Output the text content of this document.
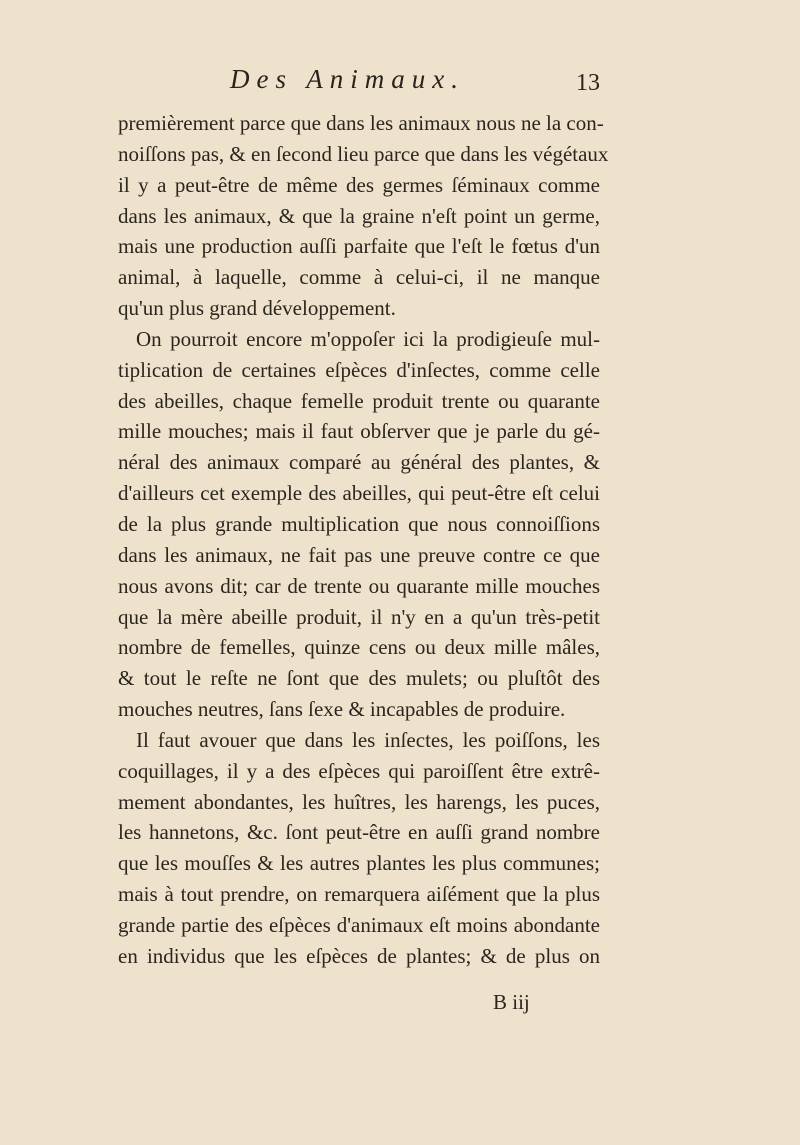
Des Animaux.	13
premièrement parce que dans les animaux nous ne la con-
noiſſons pas, & en ſecond lieu parce que dans les végétaux
il y a peut-être de même des germes ſéminaux comme
dans les animaux, & que la graine n'eſt point un germe,
mais une production auſſi parfaite que l'eſt le fœtus d'un
animal, à laquelle, comme à celui-ci, il ne manque
qu'un plus grand développement.
On pourroit encore m'oppoſer ici la prodigieuſe mul-
tiplication de certaines eſpèces d'inſectes, comme celle
des abeilles, chaque femelle produit trente ou quarante
mille mouches; mais il faut obſerver que je parle du gé-
néral des animaux comparé au général des plantes, &
d'ailleurs cet exemple des abeilles, qui peut-être eſt celui
de la plus grande multiplication que nous connoiſſions
dans les animaux, ne fait pas une preuve contre ce que
nous avons dit; car de trente ou quarante mille mouches
que la mère abeille produit, il n'y en a qu'un très-petit
nombre de femelles, quinze cens ou deux mille mâles,
& tout le reſte ne ſont que des mulets; ou pluſtôt des
mouches neutres, ſans ſexe & incapables de produire.
Il faut avouer que dans les inſectes, les poiſſons, les
coquillages, il y a des eſpèces qui paroiſſent être extrê-
mement abondantes, les huîtres, les harengs, les puces,
les hannetons, &c. ſont peut-être en auſſi grand nombre
que les mouſſes & les autres plantes les plus communes;
mais à tout prendre, on remarquera aiſément que la plus
grande partie des eſpèces d'animaux eſt moins abondante
en individus que les eſpèces de plantes; & de plus on
B iij
